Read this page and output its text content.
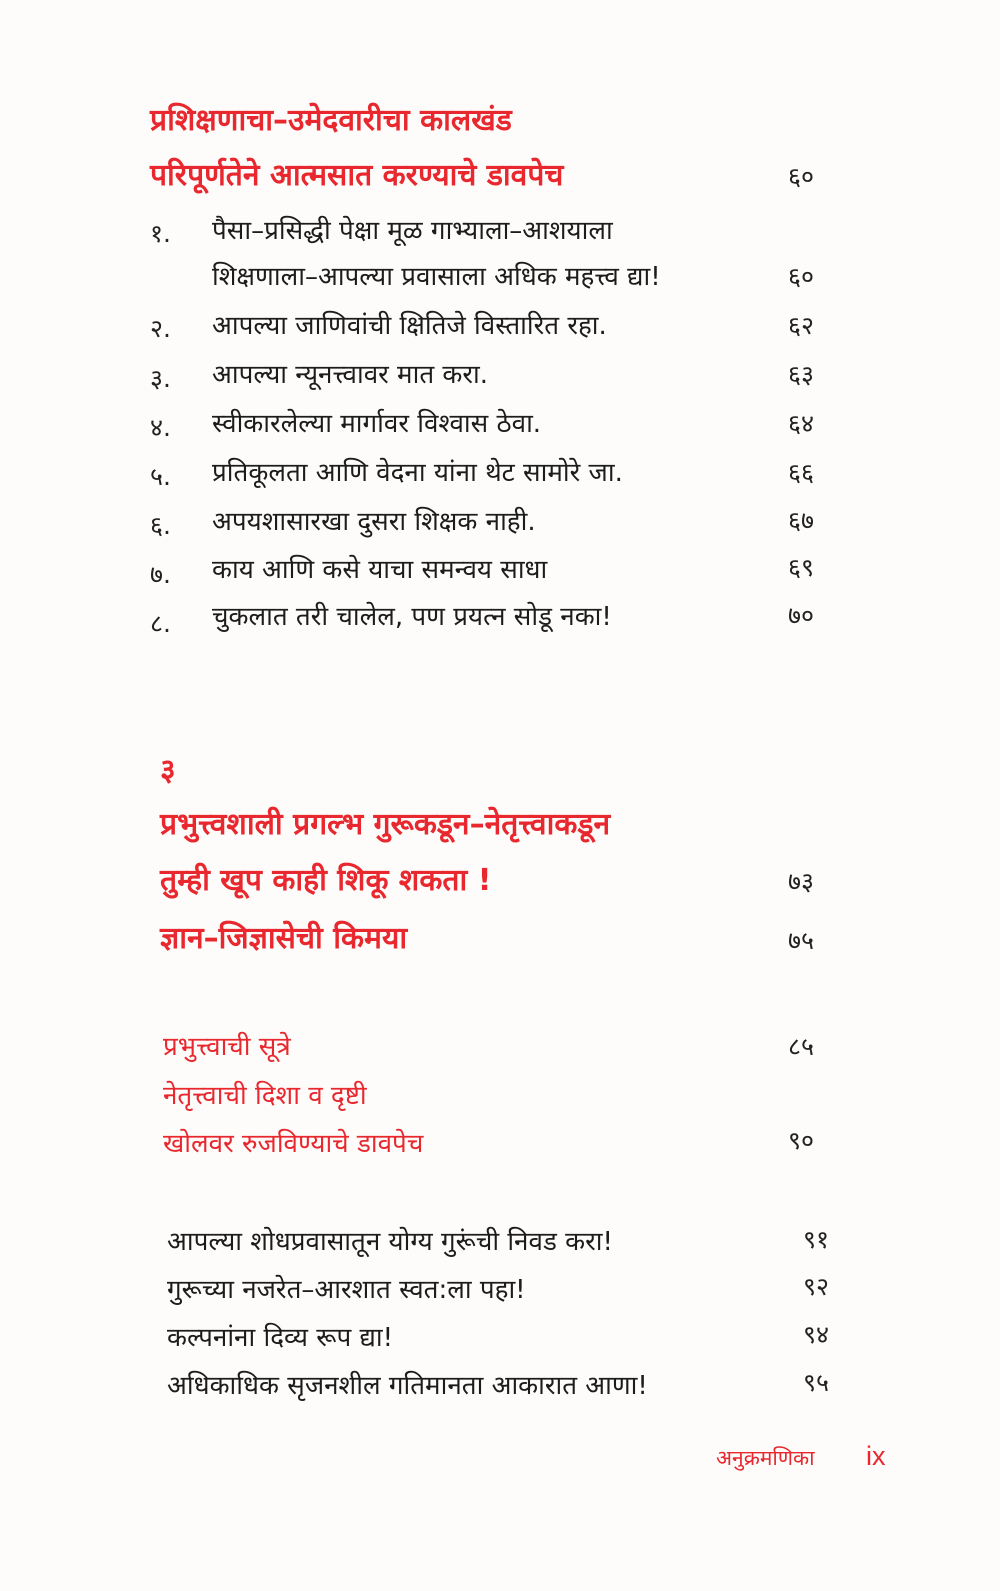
प्रशिक्षणाचा–उमेदवारीचा कालखंड
परिपूर्णतेने आत्मसात करण्याचे डावपेच	६०
१. पैसा–प्रसिद्धी पेक्षा मूळ गाभ्याला–आशयाला
शिक्षणाला–आपल्या प्रवासाला अधिक महत्त्व द्या!	६०
२. आपल्या जाणिवांची क्षितिजे विस्तारित रहा.	६२
३. आपल्या न्यूनत्त्वावर मात करा.	६३
४. स्वीकारलेल्या मार्गावर विश्वास ठेवा.	६४
५. प्रतिकूलता आणि वेदना यांना थेट सामोरे जा.	६६
६. अपयशासारखा दुसरा शिक्षक नाही.	६७
७. काय आणि कसे याचा समन्वय साधा	६९
८. चुकलात तरी चालेल, पण प्रयत्न सोडू नका!	७०
३
प्रभुत्त्वशाली प्रगल्भ गुरूकडून–नेतृत्त्वाकडून
तुम्ही खूप काही शिकू शकता !	७३
ज्ञान–जिज्ञासेची किमया	७५
प्रभुत्त्वाची सूत्रे	८५
नेतृत्त्वाची दिशा व दृष्टी
खोलवर रुजविण्याचे डावपेच	९०
आपल्या शोधप्रवासातून योग्य गुरूंची निवड करा!	९१
गुरूच्या नजरेत–आरशात स्वत:ला पहा!	९२
कल्पनांना दिव्य रूप द्या!	९४
अधिकाधिक सृजनशील गतिमानता आकारात आणा!	९५
अनुक्रमणिका ix
